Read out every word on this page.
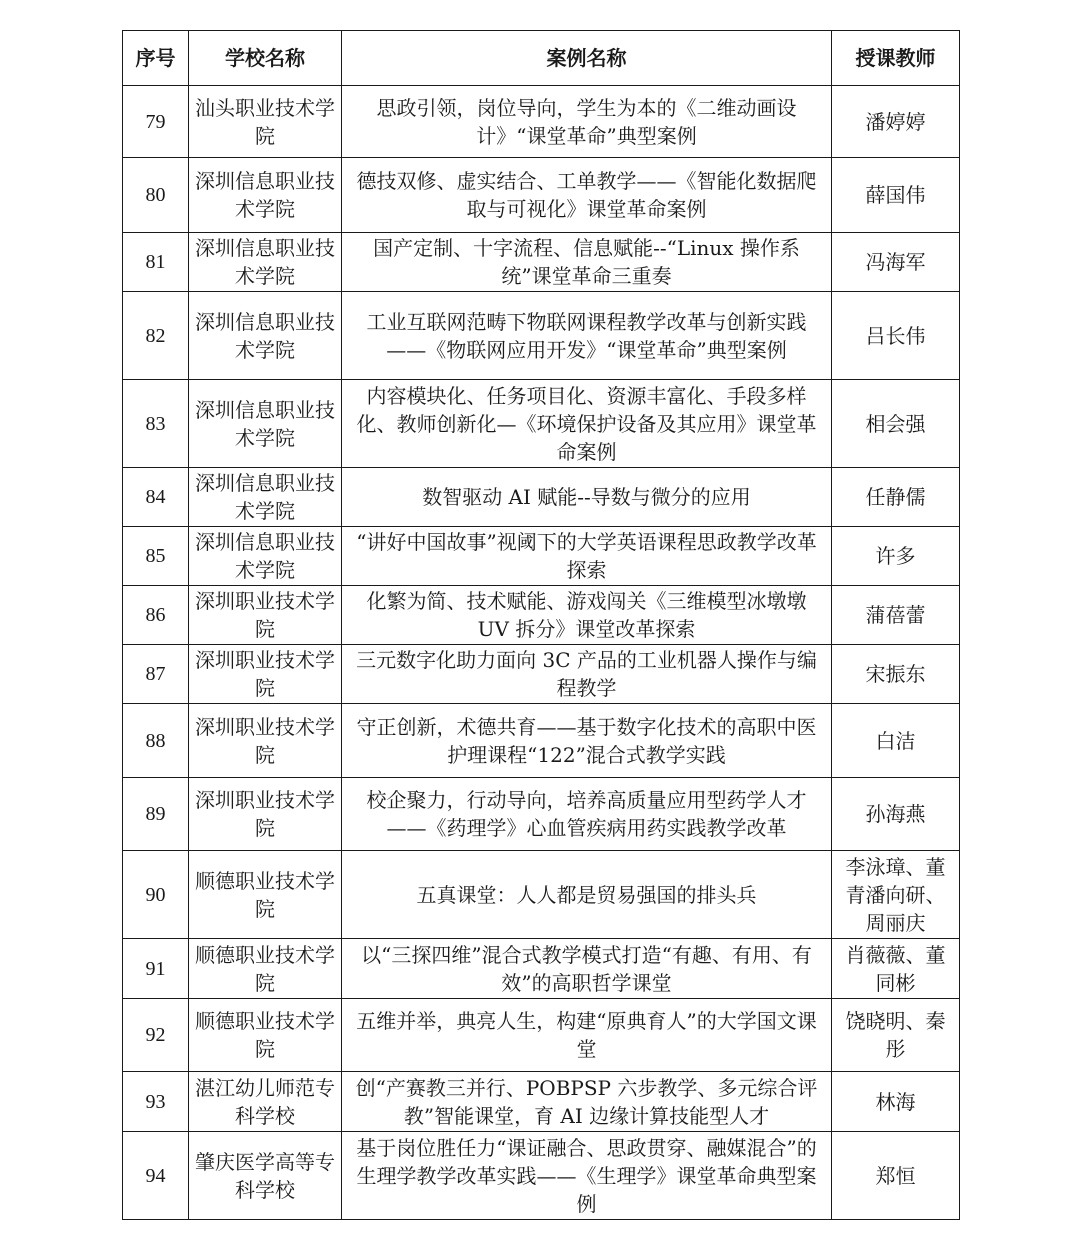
序号	学校名称	案例名称	授课教师
79	汕头职业技术学院	思政引领，岗位导向，学生为本的《二维动画设计》“课堂革命”典型案例	潘婷婷
80	深圳信息职业技术学院	德技双修、虚实结合、工单教学——《智能化数据爬取与可视化》课堂革命案例	薛国伟
81	深圳信息职业技术学院	国产定制、十字流程、信息赋能--“Linux 操作系统”课堂革命三重奏	冯海军
82	深圳信息职业技术学院	工业互联网范畴下物联网课程教学改革与创新实践——《物联网应用开发》“课堂革命”典型案例	吕长伟
83	深圳信息职业技术学院	内容模块化、任务项目化、资源丰富化、手段多样化、教师创新化—《环境保护设备及其应用》课堂革命案例	相会强
84	深圳信息职业技术学院	数智驱动 AI 赋能--导数与微分的应用	任静儒
85	深圳信息职业技术学院	“讲好中国故事”视阈下的大学英语课程思政教学改革探索	许多
86	深圳职业技术学院	化繁为简、技术赋能、游戏闯关《三维模型冰墩墩 UV 拆分》课堂改革探索	蒲蓓蕾
87	深圳职业技术学院	三元数字化助力面向 3C 产品的工业机器人操作与编程教学	宋振东
88	深圳职业技术学院	守正创新，术德共育——基于数字化技术的高职中医护理课程“122”混合式教学实践	白洁
89	深圳职业技术学院	校企聚力，行动导向，培养高质量应用型药学人才——《药理学》心血管疾病用药实践教学改革	孙海燕
90	顺德职业技术学院	五真课堂：人人都是贸易强国的排头兵	李泳璋、董青潘向研、周丽庆
91	顺德职业技术学院	以“三探四维”混合式教学模式打造“有趣、有用、有效”的高职哲学课堂	肖薇薇、董同彬
92	顺德职业技术学院	五维并举，典亮人生，构建“原典育人”的大学国文课堂	饶晓明、秦彤
93	湛江幼儿师范专科学校	创“产赛教三并行、POBPSP 六步教学、多元综合评教”智能课堂，育 AI 边缘计算技能型人才	林海
94	肇庆医学高等专科学校	基于岗位胜任力“课证融合、思政贯穿、融媒混合”的生理学教学改革实践——《生理学》课堂革命典型案例	郑恒
